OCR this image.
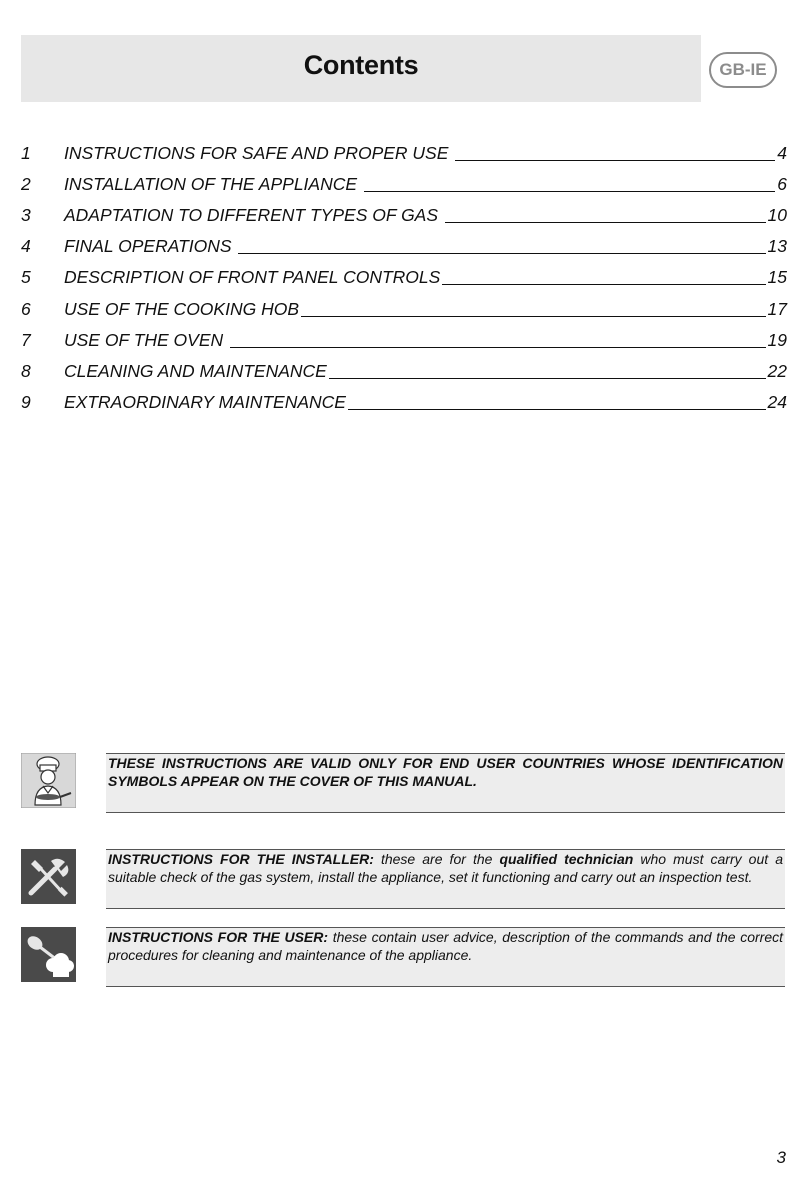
Contents	GB-IE
1	INSTRUCTIONS FOR SAFE AND PROPER USE	4
2	INSTALLATION OF THE APPLIANCE	6
3	ADAPTATION TO DIFFERENT TYPES OF GAS	10
4	FINAL OPERATIONS	13
5	DESCRIPTION OF FRONT PANEL CONTROLS	15
6	USE OF THE COOKING HOB	17
7	USE OF THE OVEN	19
8	CLEANING AND MAINTENANCE	22
9	EXTRAORDINARY MAINTENANCE	24
THESE INSTRUCTIONS ARE VALID ONLY FOR END USER COUNTRIES WHOSE IDENTIFICATION SYMBOLS APPEAR ON THE COVER OF THIS MANUAL.
INSTRUCTIONS FOR THE INSTALLER: these are for the qualified technician who must carry out a suitable check of the gas system, install the appliance, set it functioning and carry out an inspection test.
INSTRUCTIONS FOR THE USER: these contain user advice, description of the commands and the correct procedures for cleaning and maintenance of the appliance.
3
